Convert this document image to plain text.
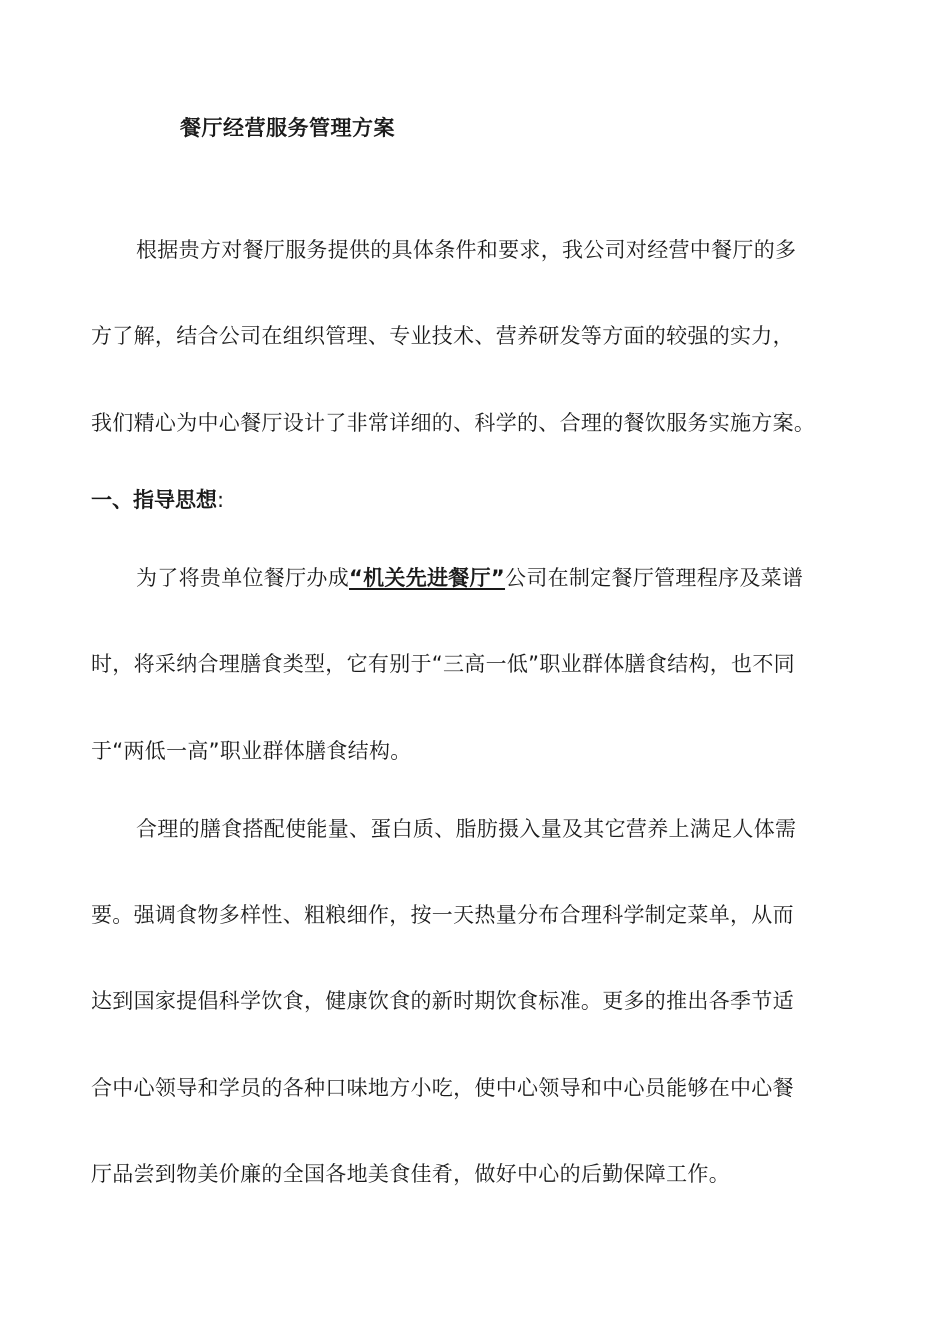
餐厅经营服务管理方案
根据贵方对餐厅服务提供的具体条件和要求，我公司对经营中餐厅的多
方了解，结合公司在组织管理、专业技术、营养研发等方面的较强的实力，
我们精心为中心餐厅设计了非常详细的、科学的、合理的餐饮服务实施方案。
一、指导思想:
为了将贵单位餐厅办成“机关先进餐厅”公司在制定餐厅管理程序及菜谱
时，将采纳合理膳食类型，它有别于“三高一低”职业群体膳食结构，也不同
于“两低一高”职业群体膳食结构。
合理的膳食搭配使能量、蛋白质、脂肪摄入量及其它营养上满足人体需
要。强调食物多样性、粗粮细作，按一天热量分布合理科学制定菜单，从而
达到国家提倡科学饮食，健康饮食的新时期饮食标准。更多的推出各季节适
合中心领导和学员的各种口味地方小吃，使中心领导和中心员能够在中心餐
厅品尝到物美价廉的全国各地美食佳肴，做好中心的后勤保障工作。
